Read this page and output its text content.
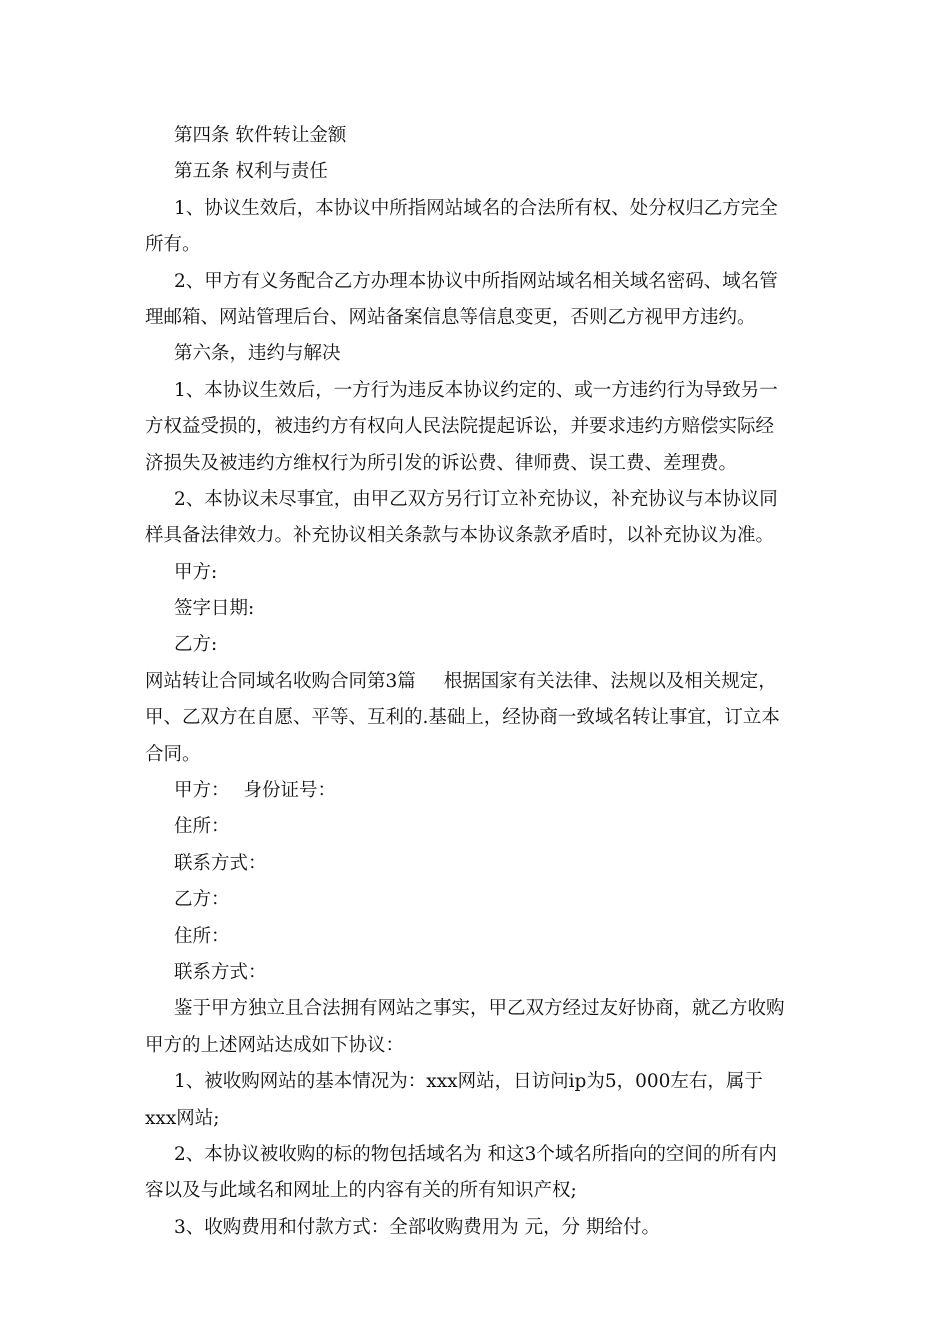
第四条 软件转让金额
第五条 权利与责任
1、协议生效后，本协议中所指网站域名的合法所有权、处分权归乙方完全
所有。
2、甲方有义务配合乙方办理本协议中所指网站域名相关域名密码、域名管
理邮箱、网站管理后台、网站备案信息等信息变更，否则乙方视甲方违约。
第六条，违约与解决
1、本协议生效后，一方行为违反本协议约定的、或一方违约行为导致另一
方权益受损的，被违约方有权向人民法院提起诉讼，并要求违约方赔偿实际经
济损失及被违约方维权行为所引发的诉讼费、律师费、误工费、差理费。
2、本协议未尽事宜，由甲乙双方另行订立补充协议，补充协议与本协议同
样具备法律效力。补充协议相关条款与本协议条款矛盾时，以补充协议为准。
甲方:
签字日期:
乙方:
网站转让合同域名收购合同第3篇 根据国家有关法律、法规以及相关规定，
甲、乙双方在自愿、平等、互利的.基础上，经协商一致域名转让事宜，订立本
合同。
甲方： 身份证号：
住所：
联系方式：
乙方：
住所：
联系方式：
鉴于甲方独立且合法拥有网站之事实，甲乙双方经过友好协商，就乙方收购
甲方的上述网站达成如下协议：
1、被收购网站的基本情况为：xxx网站，日访问ip为5，000左右，属于
xxx网站;
2、本协议被收购的标的物包括域名为 和这3个域名所指向的空间的所有内
容以及与此域名和网址上的内容有关的所有知识产权;
3、收购费用和付款方式：全部收购费用为 元，分 期给付。
